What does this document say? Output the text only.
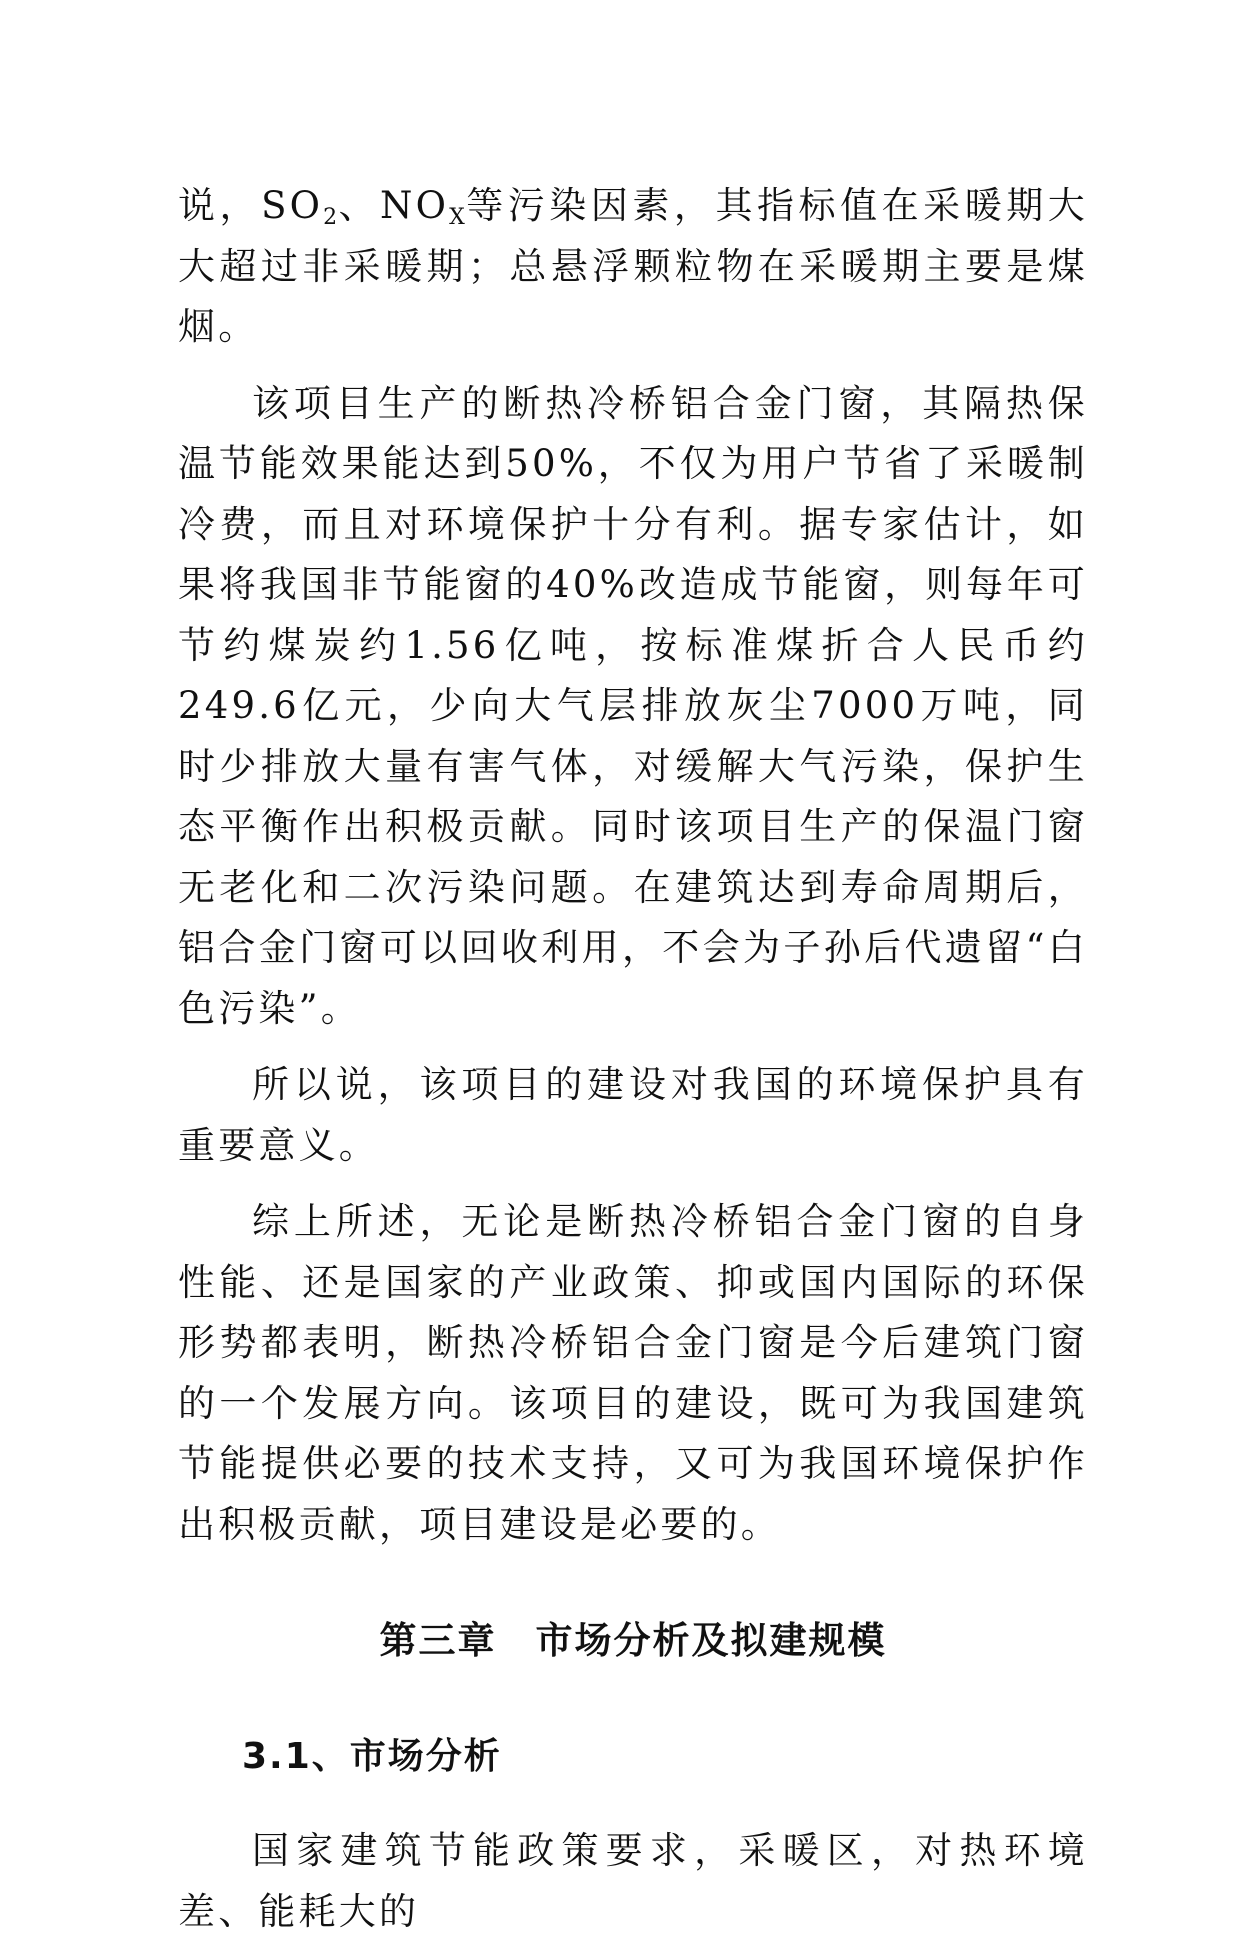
说，$SO_2$、$NO_X$等污染因素，其指标值在采暖期大大超过非采暖期；总悬浮颗粒物在采暖期主要是煤烟。

该项目生产的断热冷桥铝合金门窗，其隔热保温节能效果能达到50%，不仅为用户节省了采暖制冷费，而且对环境保护十分有利。据专家估计，如果将我国非节能窗的40%改造成节能窗，则每年可节约煤炭约1.56亿吨，按标准煤折合人民币约249.6亿元，少向大气层排放灰尘7000万吨，同时少排放大量有害气体，对缓解大气污染，保护生态平衡作出积极贡献。同时该项目生产的保温门窗无老化和二次污染问题。在建筑达到寿命周期后，铝合金门窗可以回收利用，不会为子孙后代遗留“白色污染”。

所以说，该项目的建设对我国的环境保护具有重要意义。

综上所述，无论是断热冷桥铝合金门窗的自身性能、还是国家的产业政策、抑或国内国际的环保形势都表明，断热冷桥铝合金门窗是今后建筑门窗的一个发展方向。该项目的建设，既可为我国建筑节能提供必要的技术支持，又可为我国环境保护作出积极贡献，项目建设是必要的。

第三章　市场分析及拟建规模
3.1、市场分析

国家建筑节能政策要求，采暖区，对热环境差、能耗大的
